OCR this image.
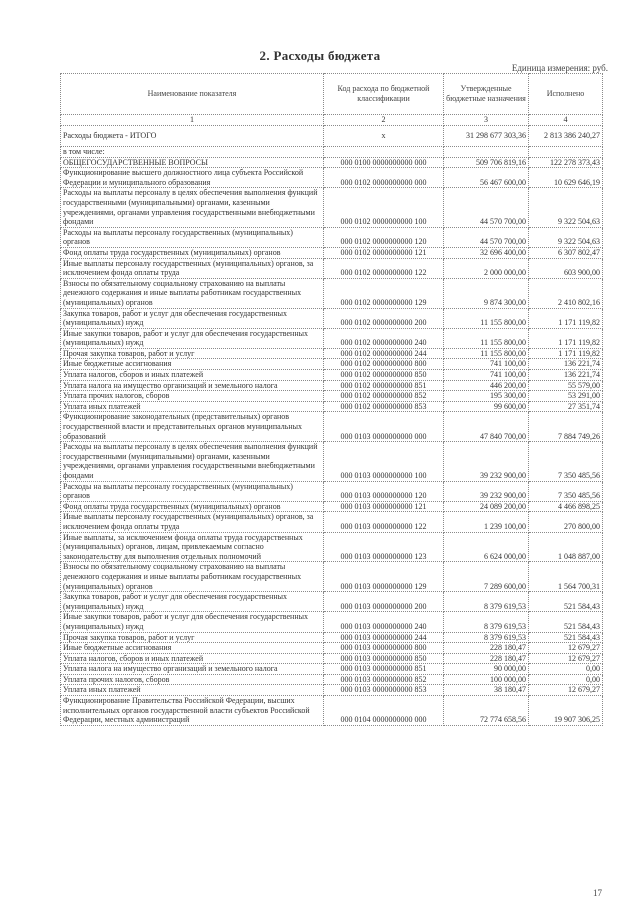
2. Расходы бюджета
Единица измерения: руб.
Наименование показателя	Код расхода по бюджетной классификации	Утвержденные бюджетные назначения	Исполнено
1	2	3	4
Расходы бюджета - ИТОГО	x	31 298 677 303,36	2 813 386 240,27
в том числе:			
ОБЩЕГОСУДАРСТВЕННЫЕ ВОПРОСЫ	000 0100 0000000000 000	509 706 819,16	122 278 373,43
Функционирование высшего должностного лица субъекта Российской Федерации и муниципального образования	000 0102 0000000000 000	56 467 600,00	10 629 646,19
Расходы на выплаты персоналу в целях обеспечения выполнения функций государственными (муниципальными) органами, казенными учреждениями, органами управления государственными внебюджетными фондами	000 0102 0000000000 100	44 570 700,00	9 322 504,63
Расходы на выплаты персоналу государственных (муниципальных) органов	000 0102 0000000000 120	44 570 700,00	9 322 504,63
Фонд оплаты труда государственных (муниципальных) органов	000 0102 0000000000 121	32 696 400,00	6 307 802,47
Иные выплаты персоналу государственных (муниципальных) органов, за исключением фонда оплаты труда	000 0102 0000000000 122	2 000 000,00	603 900,00
Взносы по обязательному социальному страхованию на выплаты денежного содержания и иные выплаты работникам государственных (муниципальных) органов	000 0102 0000000000 129	9 874 300,00	2 410 802,16
Закупка товаров, работ и услуг для обеспечения государственных (муниципальных) нужд	000 0102 0000000000 200	11 155 800,00	1 171 119,82
Иные закупки товаров, работ и услуг для обеспечения государственных (муниципальных) нужд	000 0102 0000000000 240	11 155 800,00	1 171 119,82
Прочая закупка товаров, работ и услуг	000 0102 0000000000 244	11 155 800,00	1 171 119,82
Иные бюджетные ассигнования	000 0102 0000000000 800	741 100,00	136 221,74
Уплата налогов, сборов и иных платежей	000 0102 0000000000 850	741 100,00	136 221,74
Уплата налога на имущество организаций и земельного налога	000 0102 0000000000 851	446 200,00	55 579,00
Уплата прочих налогов, сборов	000 0102 0000000000 852	195 300,00	53 291,00
Уплата иных платежей	000 0102 0000000000 853	99 600,00	27 351,74
Функционирование законодательных (представительных) органов государственной власти и представительных органов муниципальных образований	000 0103 0000000000 000	47 840 700,00	7 884 749,26
Расходы на выплаты персоналу в целях обеспечения выполнения функций государственными (муниципальными) органами, казенными учреждениями, органами управления государственными внебюджетными фондами	000 0103 0000000000 100	39 232 900,00	7 350 485,56
Расходы на выплаты персоналу государственных (муниципальных) органов	000 0103 0000000000 120	39 232 900,00	7 350 485,56
Фонд оплаты труда государственных (муниципальных) органов	000 0103 0000000000 121	24 089 200,00	4 466 898,25
Иные выплаты персоналу государственных (муниципальных) органов, за исключением фонда оплаты труда	000 0103 0000000000 122	1 239 100,00	270 800,00
Иные выплаты, за исключением фонда оплаты труда государственных (муниципальных) органов, лицам, привлекаемым согласно законодательству для выполнения отдельных полномочий	000 0103 0000000000 123	6 624 000,00	1 048 887,00
Взносы по обязательному социальному страхованию на выплаты денежного содержания и иные выплаты работникам государственных (муниципальных) органов	000 0103 0000000000 129	7 289 600,00	1 564 700,31
Закупка товаров, работ и услуг для обеспечения государственных (муниципальных) нужд	000 0103 0000000000 200	8 379 619,53	521 584,43
Иные закупки товаров, работ и услуг для обеспечения государственных (муниципальных) нужд	000 0103 0000000000 240	8 379 619,53	521 584,43
Прочая закупка товаров, работ и услуг	000 0103 0000000000 244	8 379 619,53	521 584,43
Иные бюджетные ассигнования	000 0103 0000000000 800	228 180,47	12 679,27
Уплата налогов, сборов и иных платежей	000 0103 0000000000 850	228 180,47	12 679,27
Уплата налога на имущество организаций и земельного налога	000 0103 0000000000 851	90 000,00	0,00
Уплата прочих налогов, сборов	000 0103 0000000000 852	100 000,00	0,00
Уплата иных платежей	000 0103 0000000000 853	38 180,47	12 679,27
Функционирование Правительства Российской Федерации, высших исполнительных органов государственной власти субъектов Российской Федерации, местных администраций	000 0104 0000000000 000	72 774 658,56	19 907 306,25
17
